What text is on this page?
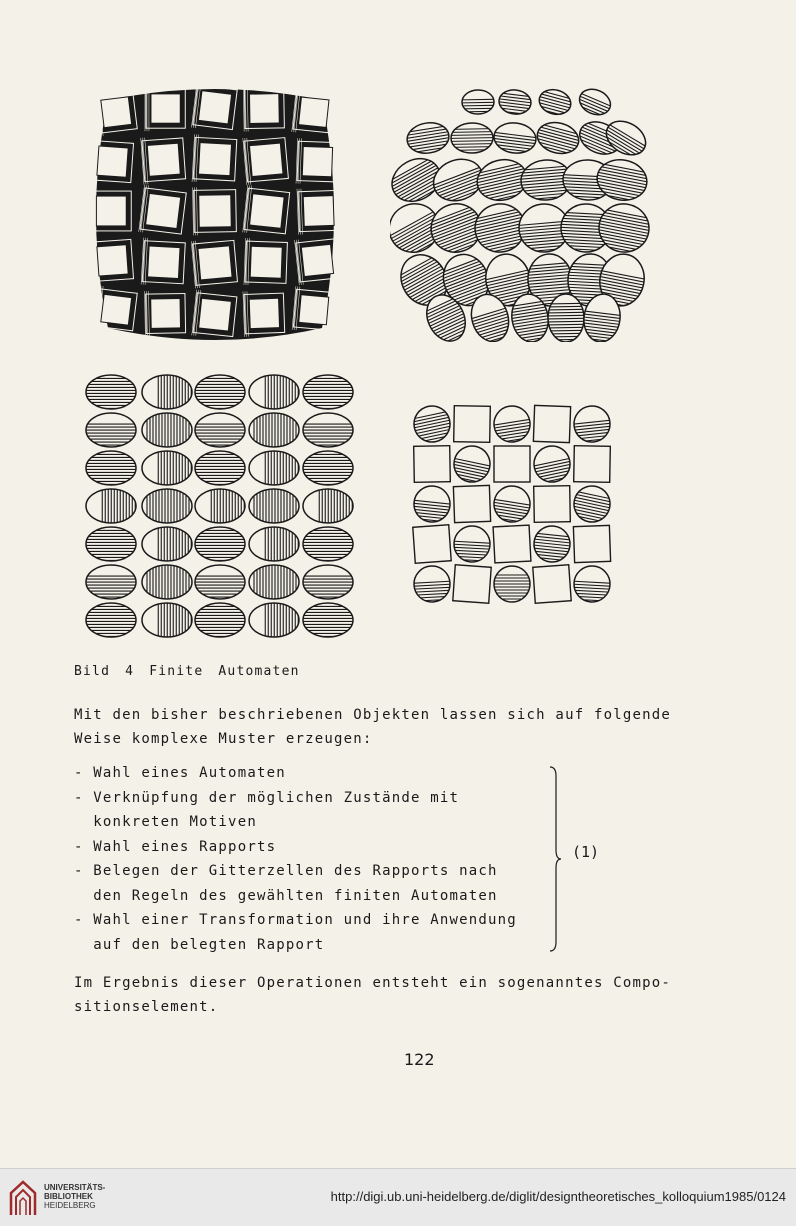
Bild 4 Finite Automaten
Mit den bisher beschriebenen Objekten lassen sich auf folgende
Weise komplexe Muster erzeugen:
- Wahl eines Automaten
- Verknüpfung der möglichen Zustände mit
konkreten Motiven
- Wahl eines Rapports
- Belegen der Gitterzellen des Rapports nach
den Regeln des gewählten finiten Automaten
- Wahl einer Transformation und ihre Anwendung
auf den belegten Rapport
(1)
Im Ergebnis dieser Operationen entsteht ein sogenanntes Compo-
sitionselement.
122
UNIVERSITÄTS-
BIBLIOTHEK
HEIDELBERG
http://digi.ub.uni-heidelberg.de/diglit/designtheoretisches_kolloquium1985/0124
